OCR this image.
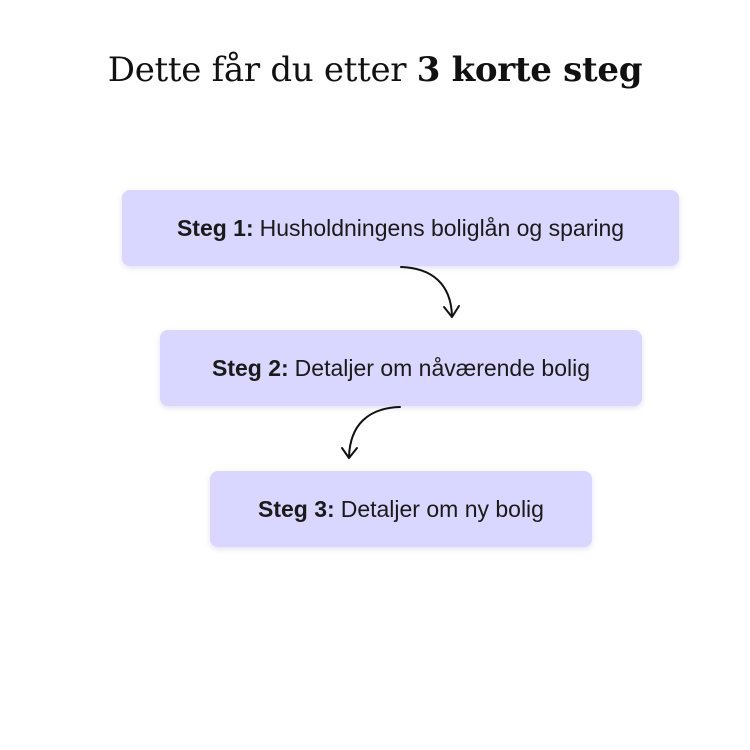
Dette får du etter 3 korte steg
Steg 1: Husholdningens boliglån og sparing
Steg 2: Detaljer om nåværende bolig
Steg 3: Detaljer om ny bolig
